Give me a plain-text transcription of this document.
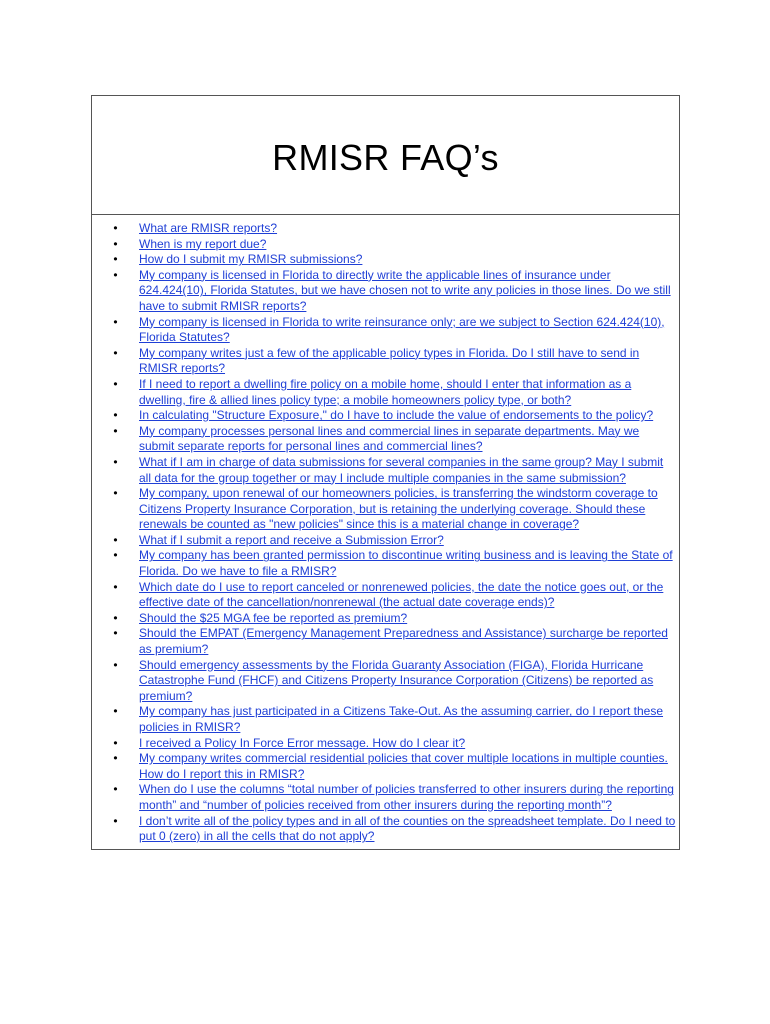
RMISR FAQ’s
•	What are RMISR reports?
•	When is my report due?
•	How do I submit my RMISR submissions?
•	My company is licensed in Florida to directly write the applicable lines of insurance under 624.424(10), Florida Statutes, but we have chosen not to write any policies in those lines. Do we still have to submit RMISR reports?
•	My company is licensed in Florida to write reinsurance only; are we subject to Section 624.424(10), Florida Statutes?
•	My company writes just a few of the applicable policy types in Florida. Do I still have to send in RMISR reports?
•	If I need to report a dwelling fire policy on a mobile home, should I enter that information as a dwelling, fire & allied lines policy type; a mobile homeowners policy type, or both?
•	In calculating "Structure Exposure," do I have to include the value of endorsements to the policy?
•	My company processes personal lines and commercial lines in separate departments. May we submit separate reports for personal lines and commercial lines?
•	What if I am in charge of data submissions for several companies in the same group? May I submit all data for the group together or may I include multiple companies in the same submission?
•	My company, upon renewal of our homeowners policies, is transferring the windstorm coverage to Citizens Property Insurance Corporation, but is retaining the underlying coverage. Should these renewals be counted as "new policies" since this is a material change in coverage?
•	What if I submit a report and receive a Submission Error?
•	My company has been granted permission to discontinue writing business and is leaving the State of Florida. Do we have to file a RMISR?
•	Which date do I use to report canceled or nonrenewed policies, the date the notice goes out, or the effective date of the cancellation/nonrenewal (the actual date coverage ends)?
•	Should the $25 MGA fee be reported as premium?
•	Should the EMPAT (Emergency Management Preparedness and Assistance) surcharge be reported as premium?
•	Should emergency assessments by the Florida Guaranty Association (FIGA), Florida Hurricane Catastrophe Fund (FHCF) and Citizens Property Insurance Corporation (Citizens) be reported as premium?
•	My company has just participated in a Citizens Take-Out. As the assuming carrier, do I report these policies in RMISR?
•	I received a Policy In Force Error message. How do I clear it?
•	My company writes commercial residential policies that cover multiple locations in multiple counties. How do I report this in RMISR?
•	When do I use the columns “total number of policies transferred to other insurers during the reporting month” and “number of policies received from other insurers during the reporting month”?
•	I don’t write all of the policy types and in all of the counties on the spreadsheet template. Do I need to put 0 (zero) in all the cells that do not apply?
